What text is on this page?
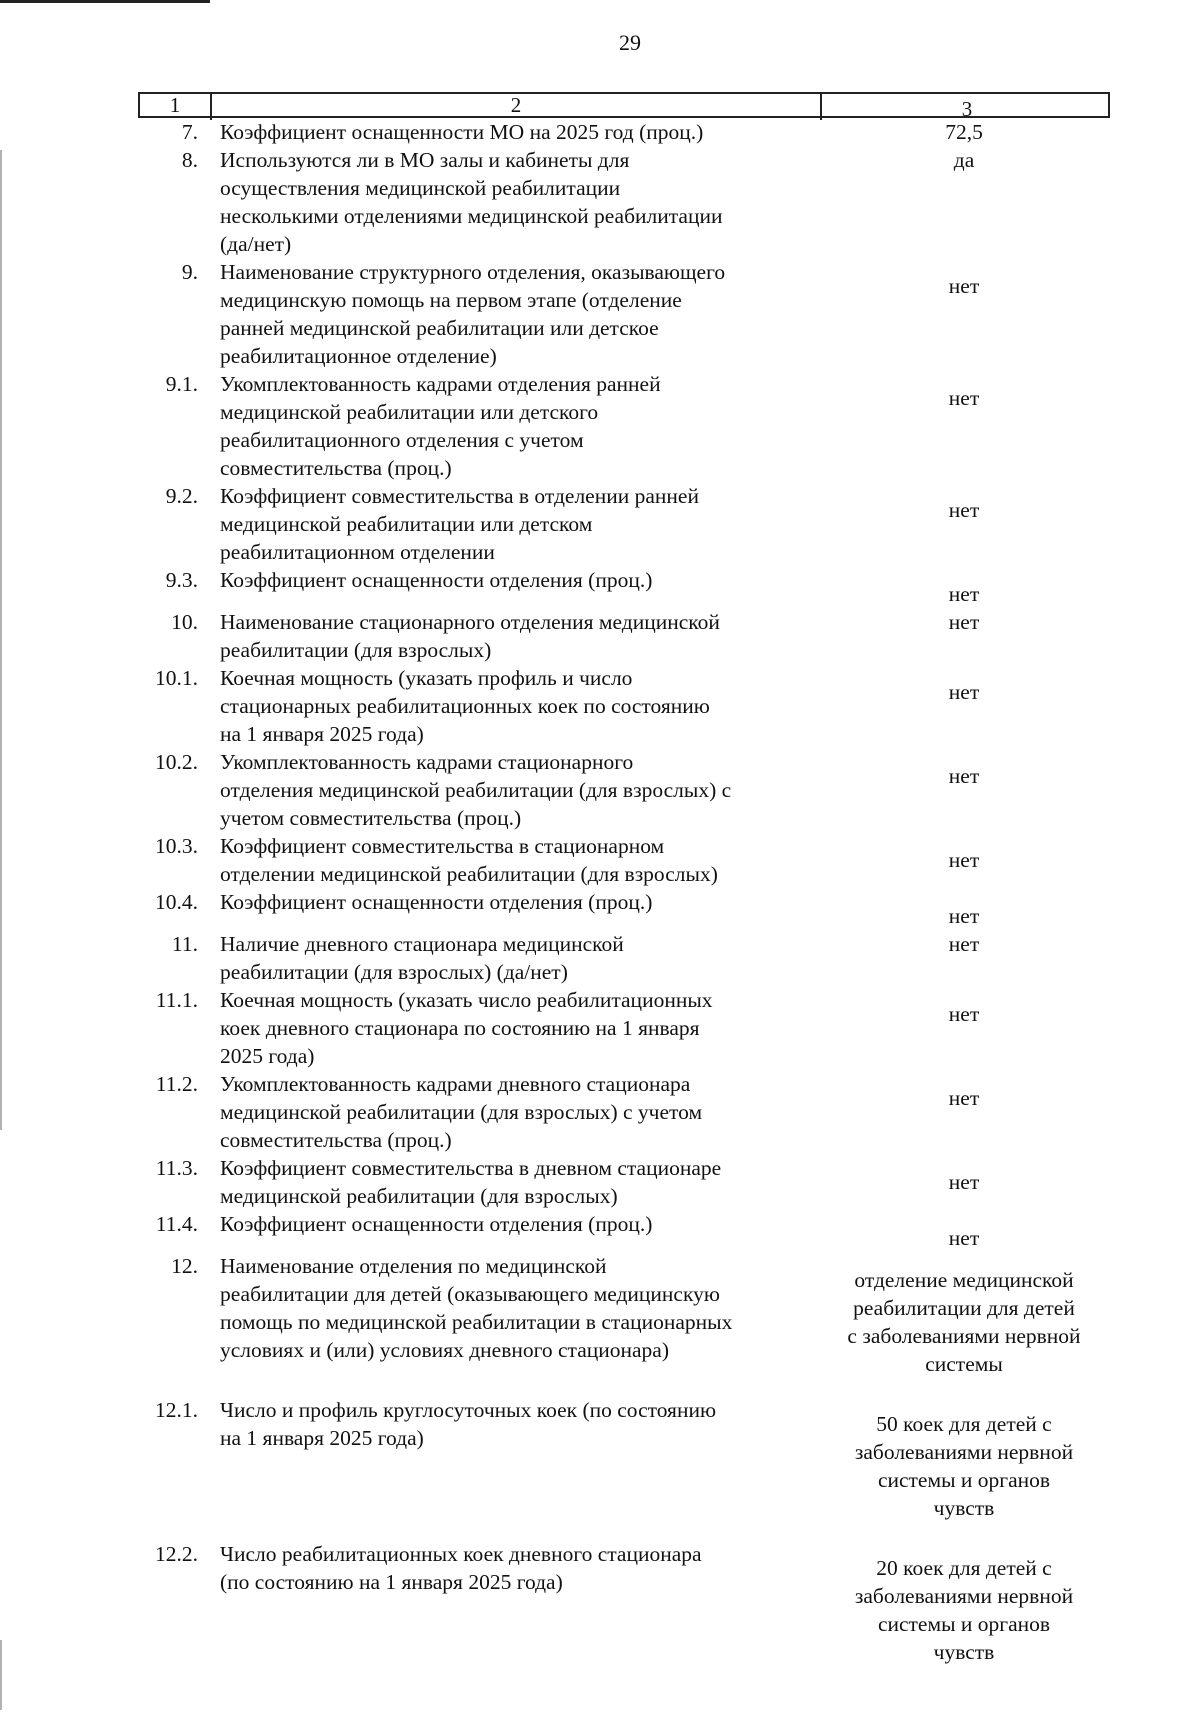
29
1	2	3
7.	Коэффициент оснащенности МО на 2025 год (проц.)	72,5
8.	Используются ли в МО залы и кабинеты для
осуществления медицинской реабилитации
несколькими отделениями медицинской реабилитации
(да/нет)
да
9.	Наименование структурного отделения, оказывающего
медицинскую помощь на первом этапе (отделение
ранней медицинской реабилитации или детское
реабилитационное отделение)
нет
9.1.	Укомплектованность кадрами отделения ранней
медицинской реабилитации или детского
реабилитационного отделения с учетом
совместительства (проц.)
нет
9.2.	Коэффициент совместительства в отделении ранней
медицинской реабилитации или детском
реабилитационном отделении
нет
9.3.	Коэффициент оснащенности отделения (проц.)
нет
10.	Наименование стационарного отделения медицинской
реабилитации (для взрослых)
нет
10.1.	Коечная мощность (указать профиль и число
стационарных реабилитационных коек по состоянию
на 1 января 2025 года)
нет
10.2.	Укомплектованность кадрами стационарного
отделения медицинской реабилитации (для взрослых) с
учетом совместительства (проц.)
нет
10.3.	Коэффициент совместительства в стационарном
отделении медицинской реабилитации (для взрослых)
нет
10.4.	Коэффициент оснащенности отделения (проц.)
нет
11.	Наличие дневного стационара медицинской
реабилитации (для взрослых) (да/нет)
нет
11.1.	Коечная мощность (указать число реабилитационных
коек дневного стационара по состоянию на 1 января
2025 года)
нет
11.2.	Укомплектованность кадрами дневного стационара
медицинской реабилитации (для взрослых) с учетом
совместительства (проц.)
нет
11.3.	Коэффициент совместительства в дневном стационаре
медицинской реабилитации (для взрослых)
нет
11.4.	Коэффициент оснащенности отделения (проц.)
нет
12.	Наименование отделения по медицинской
реабилитации для детей (оказывающего медицинскую
помощь по медицинской реабилитации в стационарных
условиях и (или) условиях дневного стационара)
отделение медицинской
реабилитации для детей
с заболеваниями нервной
системы
12.1.	Число и профиль круглосуточных коек (по состоянию
на 1 января 2025 года)
50 коек для детей с
заболеваниями нервной
системы и органов
чувств
12.2.	Число реабилитационных коек дневного стационара
(по состоянию на 1 января 2025 года)
20 коек для детей с
заболеваниями нервной
системы и органов
чувств
